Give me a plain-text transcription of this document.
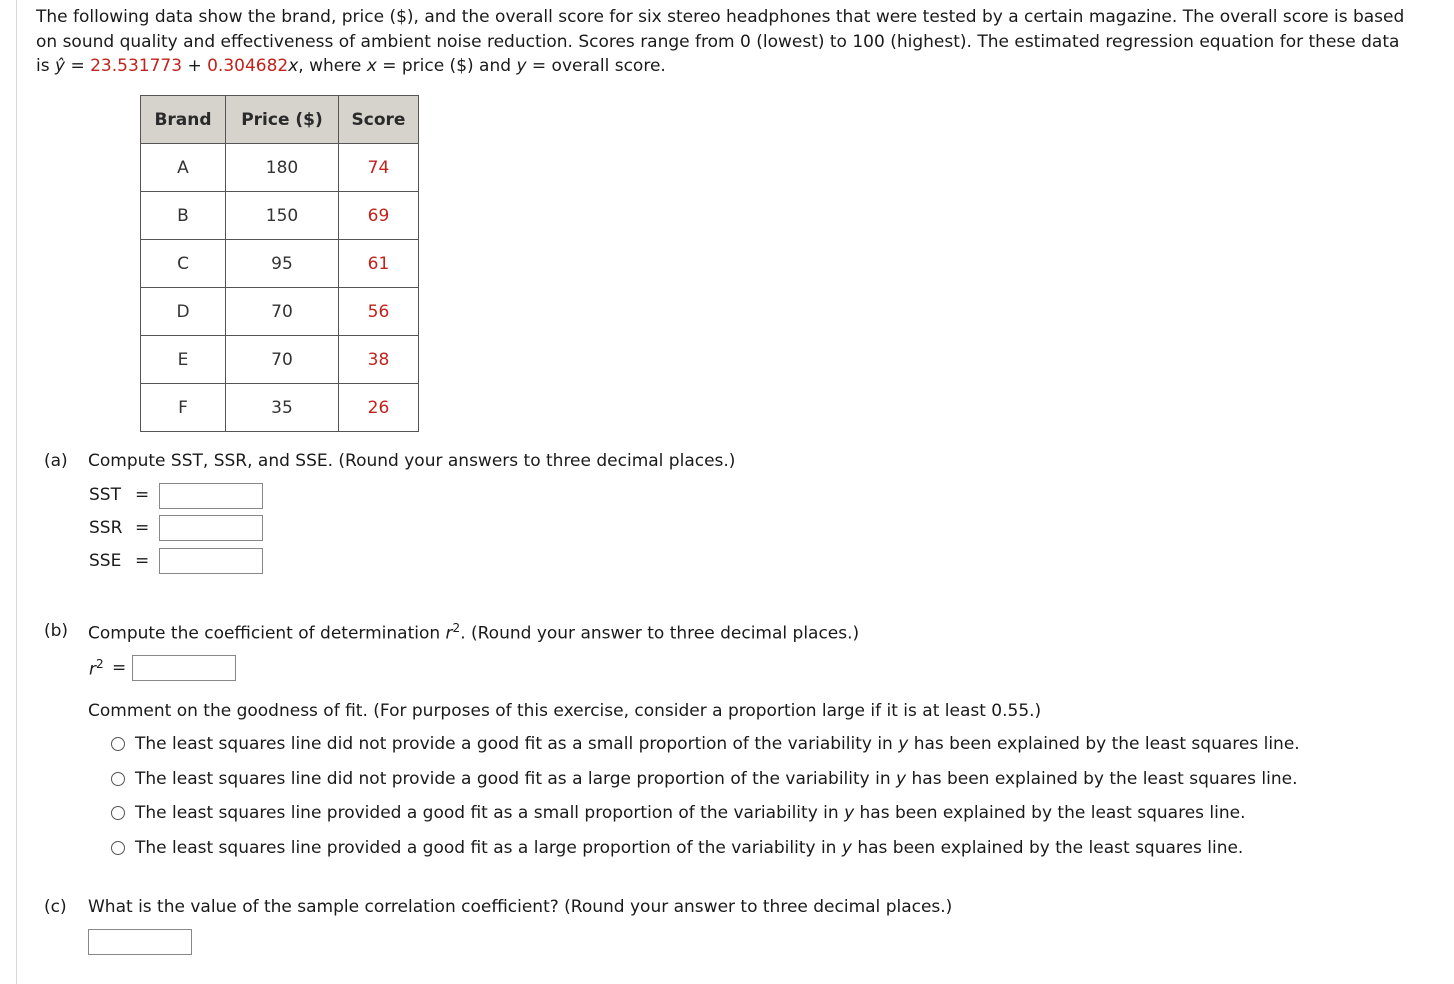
The following data show the brand, price ($), and the overall score for six stereo headphones that were tested by a certain magazine. The overall score is based
on sound quality and effectiveness of ambient noise reduction. Scores range from 0 (lowest) to 100 (highest). The estimated regression equation for these data
is ŷ = 23.531773 + 0.304682x, where x = price ($) and y = overall score.
Brand	Price ($)	Score
A	180	74
B	150	69
C	95	61
D	70	56
E	70	38
F	35	26
(a) Compute SST, SSR, and SSE. (Round your answers to three decimal places.)
SST =
SSR =
SSE =
(b) Compute the coefficient of determination $r^2$. (Round your answer to three decimal places.)
$r^2$ =
Comment on the goodness of fit. (For purposes of this exercise, consider a proportion large if it is at least 0.55.)
The least squares line did not provide a good fit as a small proportion of the variability in y has been explained by the least squares line.
The least squares line did not provide a good fit as a large proportion of the variability in y has been explained by the least squares line.
The least squares line provided a good fit as a small proportion of the variability in y has been explained by the least squares line.
The least squares line provided a good fit as a large proportion of the variability in y has been explained by the least squares line.
(c) What is the value of the sample correlation coefficient? (Round your answer to three decimal places.)
